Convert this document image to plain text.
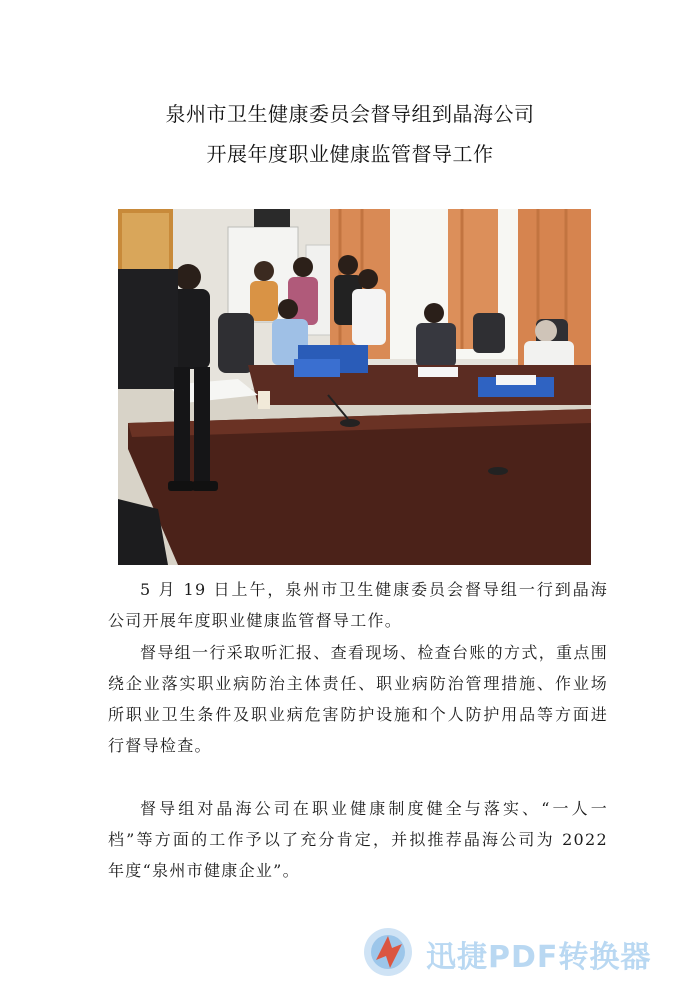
泉州市卫生健康委员会督导组到晶海公司
开展年度职业健康监管督导工作
5 月 19 日上午，泉州市卫生健康委员会督导组一行到晶海公司开展年度职业健康监管督导工作。
督导组一行采取听汇报、查看现场、检查台账的方式，重点围绕企业落实职业病防治主体责任、职业病防治管理措施、作业场所职业卫生条件及职业病危害防护设施和个人防护用品等方面进行督导检查。
督导组对晶海公司在职业健康制度健全与落实、“一人一档”等方面的工作予以了充分肯定，并拟推荐晶海公司为 2022 年度“泉州市健康企业”。
迅捷PDF转换器
